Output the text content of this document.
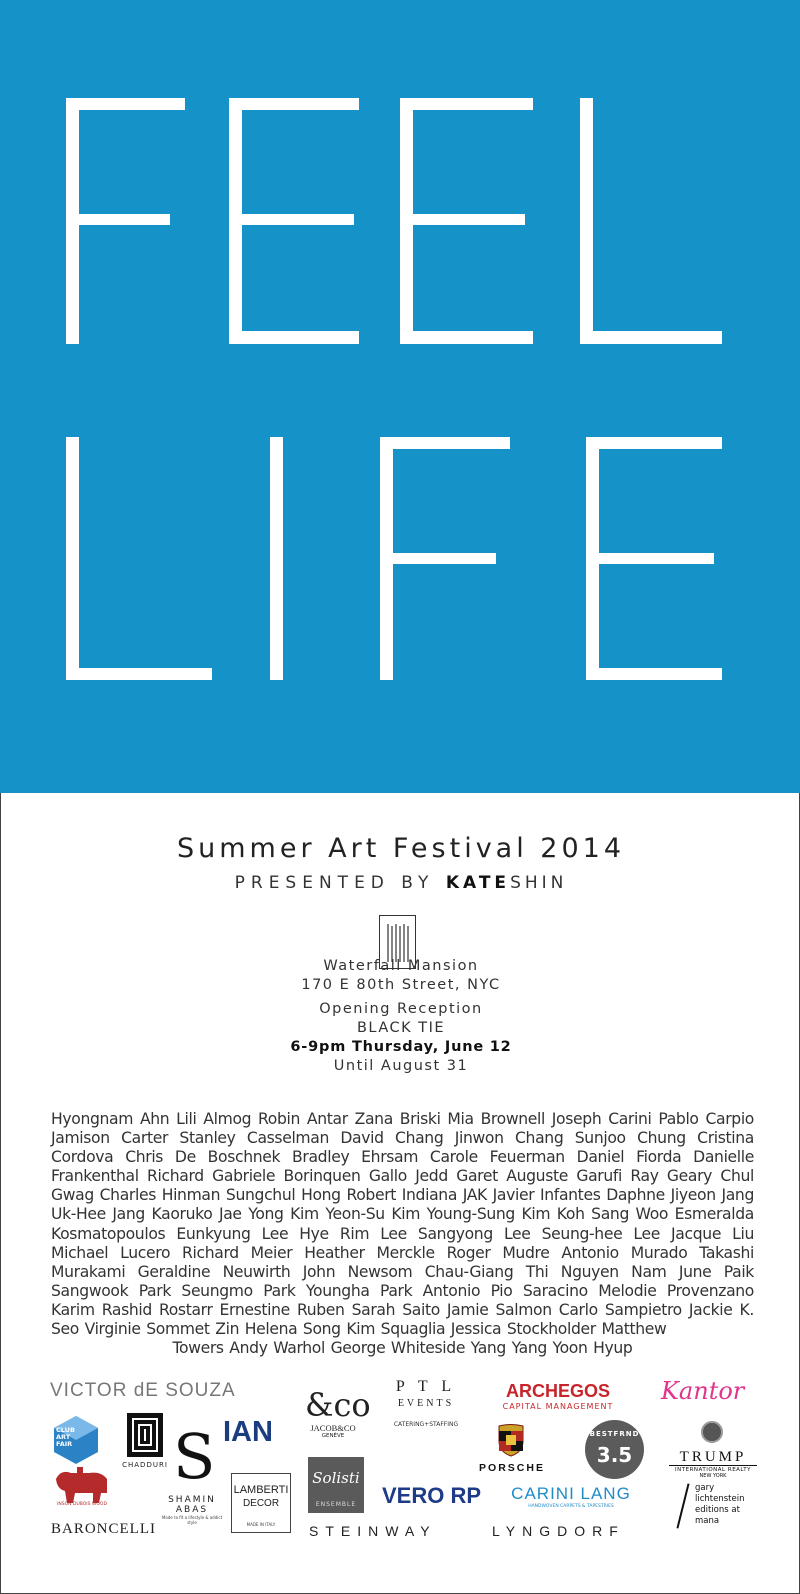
Summer Art Festival 2014
PRESENTED BY KATESHIN
Waterfall Mansion
170 E 80th Street, NYC
Opening Reception
BLACK TIE
6-9pm Thursday, June 12
Until August 31
Hyongnam Ahn Lili Almog Robin Antar Zana Briski Mia Brownell Joseph Carini Pablo Carpio Jamison Carter Stanley Casselman David Chang Jinwon Chang Sunjoo Chung Cristina Cordova Chris De Boschnek Bradley Ehrsam Carole Feuerman Daniel Fiorda Danielle Frankenthal Richard Gabriele Borinquen Gallo Jedd Garet Auguste Garufi Ray Geary Chul Gwag Charles Hinman Sungchul Hong Robert Indiana JAK Javier Infantes Daphne Jiyeon Jang Uk-Hee Jang Kaoruko Jae Yong Kim Yeon-Su Kim Young-Sung Kim Koh Sang Woo Esmeralda Kosmatopoulos Eunkyung Lee Hye Rim Lee Sangyong Lee Seung-hee Lee Jacque Liu Michael Lucero Richard Meier Heather Merckle Roger Mudre Antonio Murado Takashi Murakami Geraldine Neuwirth John Newsom Chau-Giang Thi Nguyen Nam June Paik Sangwook Park Seungmo Park Youngha Park Antonio Pio Saracino Melodie Provenzano Karim Rashid Rostarr Ernestine Ruben Sarah Saito Jamie Salmon Carlo Sampietro Jackie K. Seo Virginie Sommet Zin Helena Song Kim Squaglia Jessica Stockholder Matthew
Towers Andy Warhol George Whiteside Yang Yang Yoon Hyup
VICTOR dE SOUZA	P T L
EVENTS
CATERING+STAFFING
ARCHEGOS
CAPITAL MANAGEMENT
Kantor
CLUB ART FAIR
CHADDURI S
SHAMIN ABAS
Made to fit a lifestyle & addict style
IAN
&co
JACOB&CO
GENÈVE
PORSCHE
BESTFRND
3.5	TRUMP
INTERNATIONAL REALTY
NEW YORK
INSON DUBOIS WOOD
BARONCELLI
LAMBERTI
DECOR
MADE IN ITALY
Solisti
ENSEMBLE	VERO RP	CARINI LANG
HANDWOVEN CARPETS & TAPESTRIES
gary lichtenstein editions at mana
STEINWAY	LYNGDORF
